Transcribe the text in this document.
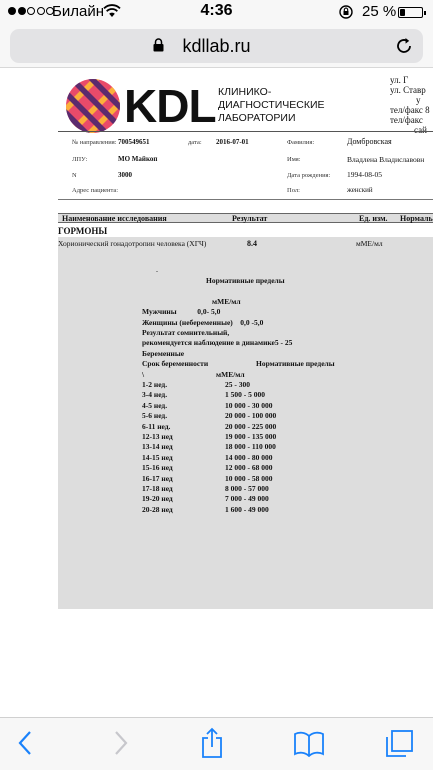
Билайн	4:36	25 %
kdllab.ru
KDL КЛИНИКО-
ДИАГНОСТИЧЕСКИЕ
ЛАБОРАТОРИИ
ул. Г
ул. Ставр
у
тел/факс 8
тел/факс
сай
№ направления: 700549651	дата: 2016-07-01	Фамилия:	Домбровская
ЛПУ:	МО Майкоп	Имя:	Владлена Владиславовн
N	3000	Дата рождения: 1994-08-05
Адрес пациента:	Пол:	женский
Наименование исследования	Результат	Ед. изм. Нормаль
ГОРМОНЫ
Хорионический гонадотропин человека (ХГЧ)	8.4	мМЕ/мл
.
Нормативные пределы
мМЕ/мл
Мужчины           0,0- 5,0
Женщины (небеременные)    0,0 -5,0
Результат сомнительный,
рекомендуется наблюдение в динамике5 - 25
Беременные
Срок беременности	Нормативные пределы
\	мМЕ/мл
1-2 нед.	25 - 300
3-4 нед.	1 500 - 5 000
4-5 нед.	10 000 - 30 000
5-6 нед.	20 000 - 100 000
6-11 нед.	20 000 - 225 000
12-13 нед	19 000 - 135 000
13-14 нед	18 000 - 110 000
14-15 нед	14 000 - 80 000
15-16 нед	12 000 - 68 000
16-17 нед	10 000 - 58 000
17-18 нед	8 000 - 57 000
19-20 нед	7 000 - 49 000
20-28 нед	1 600 - 49 000
